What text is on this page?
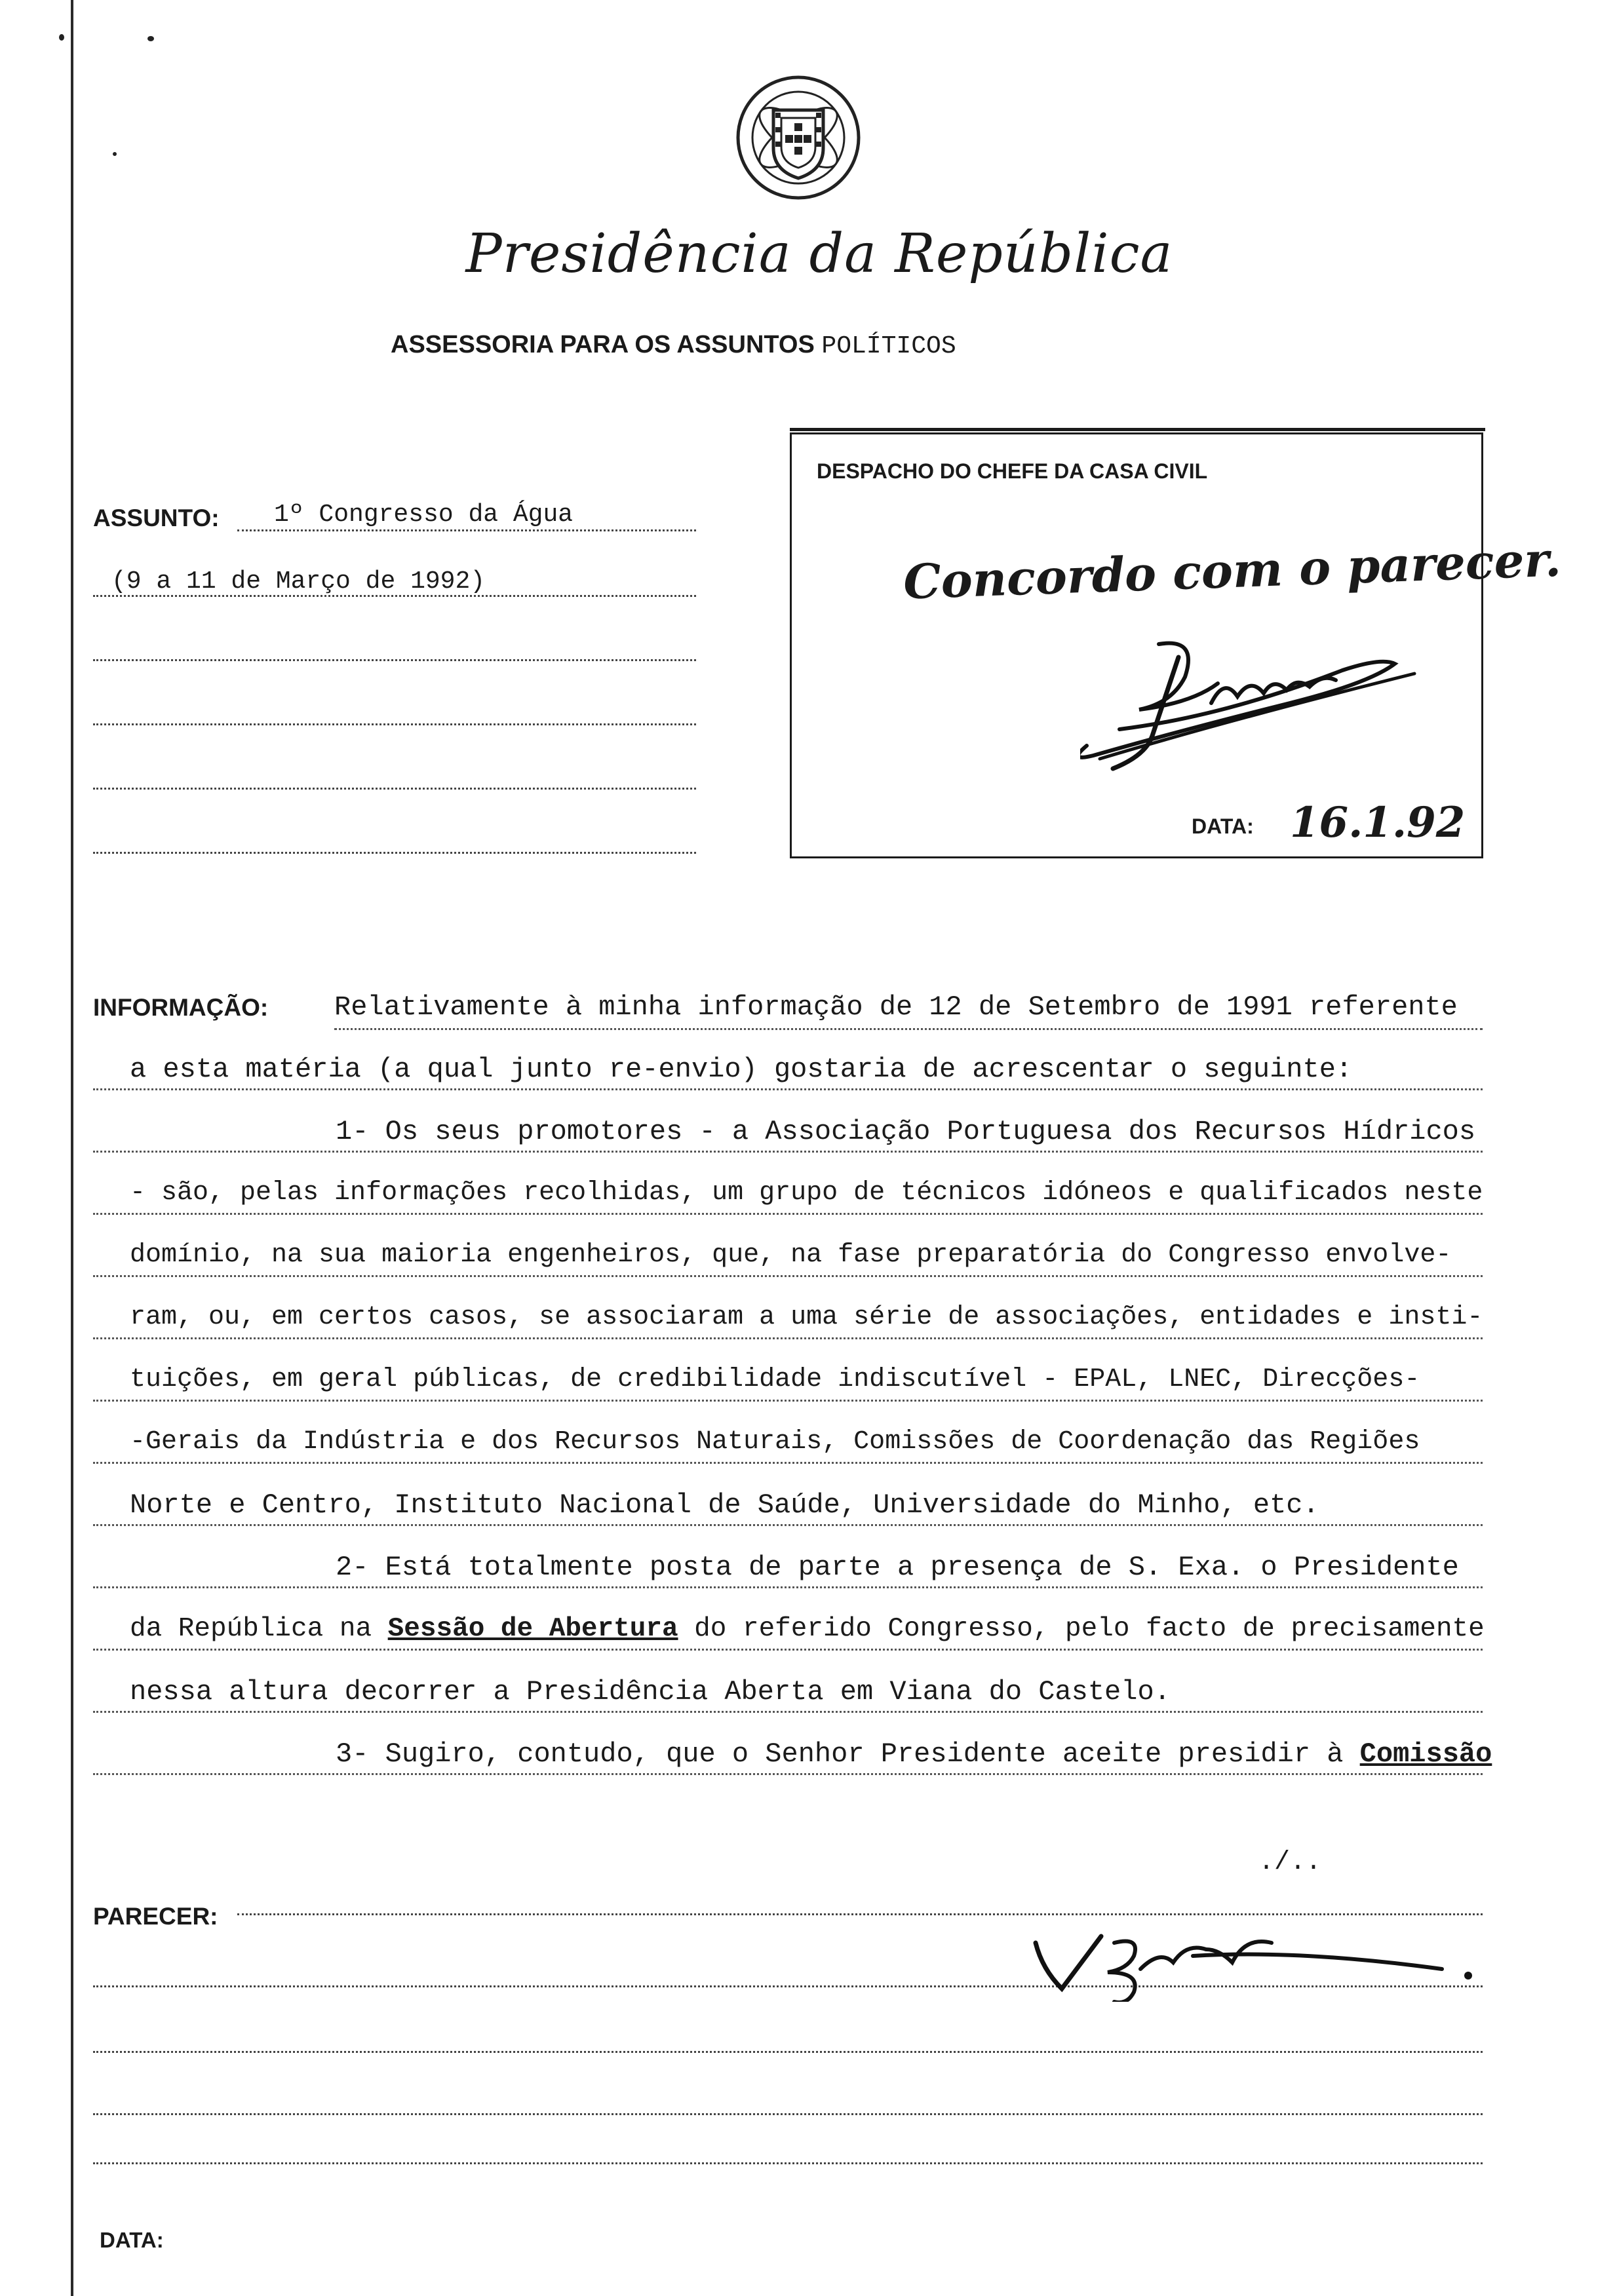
Presidência da República
ASSESSORIA PARA OS ASSUNTOS POLÍTICOS
ASSUNTO: 1º Congresso da Água
(9 a 11 de Março de 1992)
DESPACHO DO CHEFE DA CASA CIVIL
Concordo com o parecer.
DATA: 16.1.92
INFORMAÇÃO: Relativamente à minha informação de 12 de Setembro de 1991 referente
a esta matéria (a qual junto re-envio) gostaria de acrescentar o seguinte:
1- Os seus promotores - a Associação Portuguesa dos Recursos Hídricos
- são, pelas informações recolhidas, um grupo de técnicos idóneos e qualificados neste
domínio, na sua maioria engenheiros, que, na fase preparatória do Congresso envolve-
ram, ou, em certos casos, se associaram a uma série de associações, entidades e insti-
tuições, em geral públicas, de credibilidade indiscutível - EPAL, LNEC, Direcções-
-Gerais da Indústria e dos Recursos Naturais, Comissões de Coordenação das Regiões
Norte e Centro, Instituto Nacional de Saúde, Universidade do Minho, etc.
2- Está totalmente posta de parte a presença de S. Exa. o Presidente
da República na Sessão de Abertura do referido Congresso, pelo facto de precisamente
nessa altura decorrer a Presidência Aberta em Viana do Castelo.
3- Sugiro, contudo, que o Senhor Presidente aceite presidir à Comissão
./..
PARECER:
DATA:
